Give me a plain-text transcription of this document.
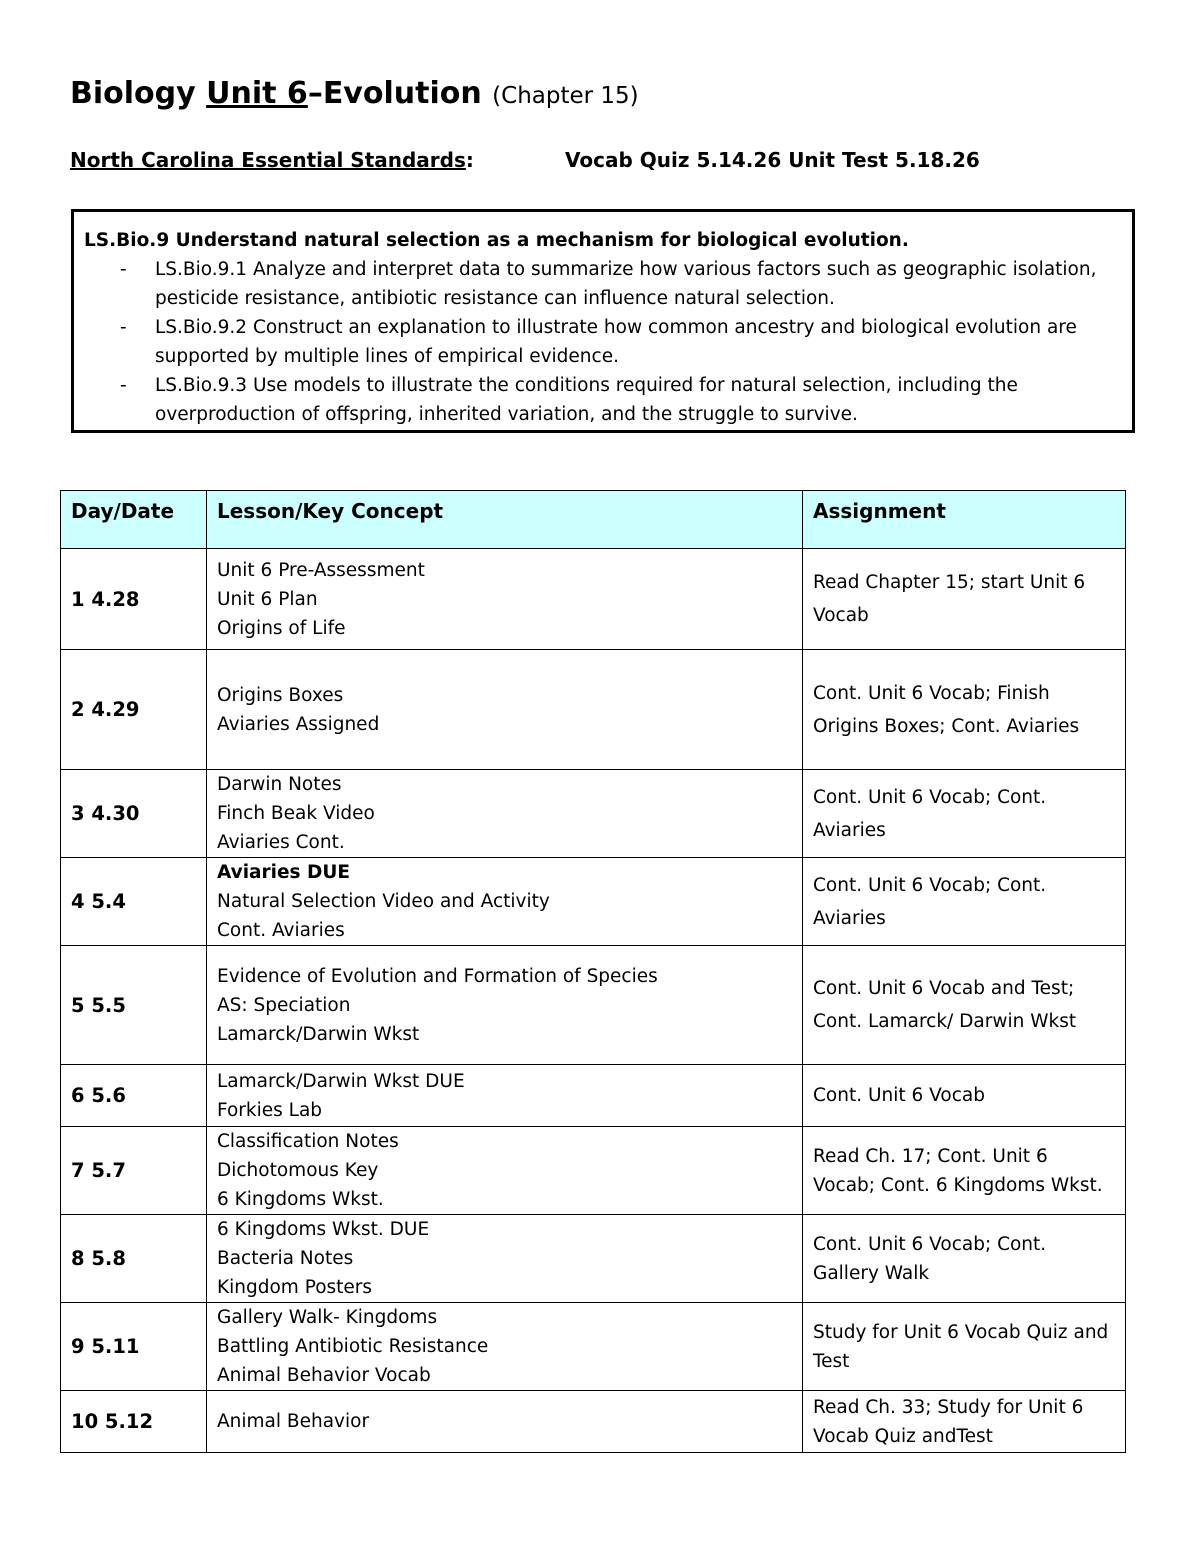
Biology Unit 6–Evolution (Chapter 15)
North Carolina Essential Standards:	Vocab Quiz 5.14.26 Unit Test 5.18.26
LS.Bio.9 Understand natural selection as a mechanism for biological evolution.
- LS.Bio.9.1 Analyze and interpret data to summarize how various factors such as geographic isolation, pesticide resistance, antibiotic resistance can influence natural selection.
- LS.Bio.9.2 Construct an explanation to illustrate how common ancestry and biological evolution are supported by multiple lines of empirical evidence.
- LS.Bio.9.3 Use models to illustrate the conditions required for natural selection, including the overproduction of offspring, inherited variation, and the struggle to survive.
Day/Date	Lesson/Key Concept	Assignment
1 4.28	Unit 6 Pre-Assessment
Unit 6 Plan
Origins of Life	Read Chapter 15; start Unit 6 Vocab
2 4.29	Origins Boxes
Aviaries Assigned	Cont. Unit 6 Vocab; Finish Origins Boxes; Cont. Aviaries
3 4.30	Darwin Notes
Finch Beak Video
Aviaries Cont.	Cont. Unit 6 Vocab; Cont. Aviaries
4 5.4	Aviaries DUE
Natural Selection Video and Activity
Cont. Aviaries	Cont. Unit 6 Vocab; Cont. Aviaries
5 5.5	Evidence of Evolution and Formation of Species
AS: Speciation
Lamarck/Darwin Wkst	Cont. Unit 6 Vocab and Test; Cont. Lamarck/ Darwin Wkst
6 5.6	Lamarck/Darwin Wkst DUE
Forkies Lab	Cont. Unit 6 Vocab
7 5.7	Classification Notes
Dichotomous Key
6 Kingdoms Wkst.	Read Ch. 17; Cont. Unit 6 Vocab; Cont. 6 Kingdoms Wkst.
8 5.8	6 Kingdoms Wkst. DUE
Bacteria Notes
Kingdom Posters	Cont. Unit 6 Vocab; Cont. Gallery Walk
9 5.11	Gallery Walk- Kingdoms
Battling Antibiotic Resistance
Animal Behavior Vocab	Study for Unit 6 Vocab Quiz and Test
10 5.12	Animal Behavior	Read Ch. 33; Study for Unit 6 Vocab Quiz andTest
